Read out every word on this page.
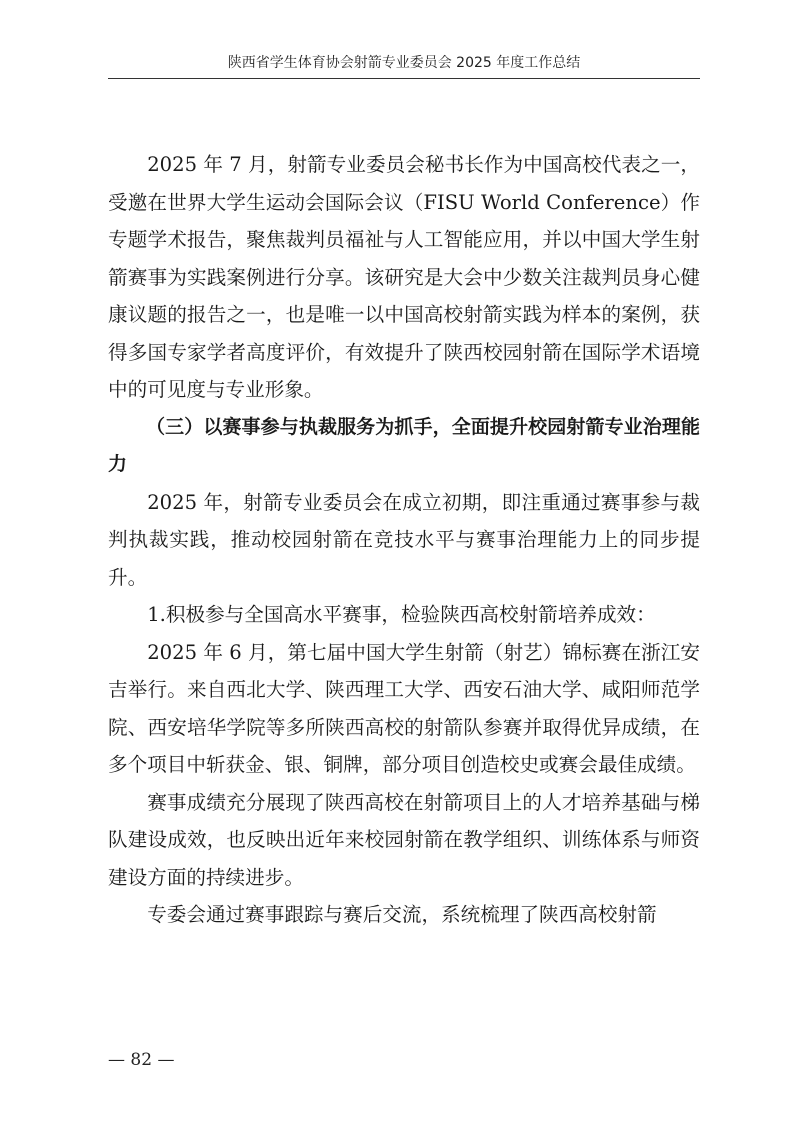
陕西省学生体育协会射箭专业委员会 2025 年度工作总结

2025 年 7 月，射箭专业委员会秘书长作为中国高校代表之一，受邀在世界大学生运动会国际会议（FISU World Conference）作专题学术报告，聚焦裁判员福祉与人工智能应用，并以中国大学生射箭赛事为实践案例进行分享。该研究是大会中少数关注裁判员身心健康议题的报告之一，也是唯一以中国高校射箭实践为样本的案例，获得多国专家学者高度评价，有效提升了陕西校园射箭在国际学术语境中的可见度与专业形象。

（三）以赛事参与执裁服务为抓手，全面提升校园射箭专业治理能力

2025 年，射箭专业委员会在成立初期，即注重通过赛事参与裁判执裁实践，推动校园射箭在竞技水平与赛事治理能力上的同步提升。

1.积极参与全国高水平赛事，检验陕西高校射箭培养成效：

2025 年 6 月，第七届中国大学生射箭（射艺）锦标赛在浙江安吉举行。来自西北大学、陕西理工大学、西安石油大学、咸阳师范学院、西安培华学院等多所陕西高校的射箭队参赛并取得优异成绩，在多个项目中斩获金、银、铜牌，部分项目创造校史或赛会最佳成绩。

赛事成绩充分展现了陕西高校在射箭项目上的人才培养基础与梯队建设成效，也反映出近年来校园射箭在教学组织、训练体系与师资建设方面的持续进步。

专委会通过赛事跟踪与赛后交流，系统梳理了陕西高校射箭

— 82 —
